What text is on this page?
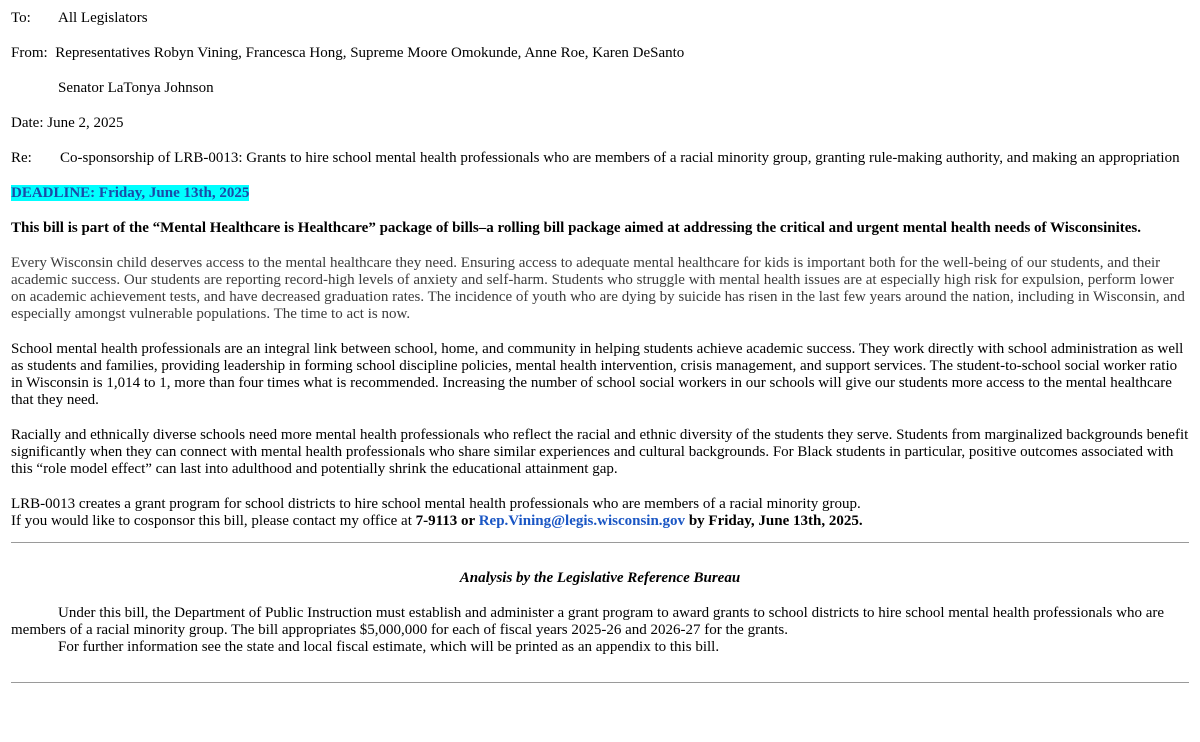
To: All Legislators

From: Representatives Robyn Vining, Francesca Hong, Supreme Moore Omokunde, Anne Roe, Karen DeSanto

Senator LaTonya Johnson

Date: June 2, 2025

Re: Co-sponsorship of LRB-0013: Grants to hire school mental health professionals who are members of a racial minority group, granting rule-making authority, and making an appropriation

DEADLINE: Friday, June 13th, 2025

This bill is part of the “Mental Healthcare is Healthcare” package of bills–a rolling bill package aimed at addressing the critical and urgent mental health needs of Wisconsinites.

Every Wisconsin child deserves access to the mental healthcare they need. Ensuring access to adequate mental healthcare for kids is important both for the well-being of our students, and their academic success. Our students are reporting record-high levels of anxiety and self-harm. Students who struggle with mental health issues are at especially high risk for expulsion, perform lower on academic achievement tests, and have decreased graduation rates. The incidence of youth who are dying by suicide has risen in the last few years around the nation, including in Wisconsin, and especially amongst vulnerable populations. The time to act is now.

School mental health professionals are an integral link between school, home, and community in helping students achieve academic success. They work directly with school administration as well as students and families, providing leadership in forming school discipline policies, mental health intervention, crisis management, and support services. The student-to-school social worker ratio in Wisconsin is 1,014 to 1, more than four times what is recommended. Increasing the number of school social workers in our schools will give our students more access to the mental healthcare that they need.

Racially and ethnically diverse schools need more mental health professionals who reflect the racial and ethnic diversity of the students they serve. Students from marginalized backgrounds benefit significantly when they can connect with mental health professionals who share similar experiences and cultural backgrounds. For Black students in particular, positive outcomes associated with this “role model effect” can last into adulthood and potentially shrink the educational attainment gap.

LRB-0013 creates a grant program for school districts to hire school mental health professionals who are members of a racial minority group.

If you would like to cosponsor this bill, please contact my office at 7-9113 or Rep.Vining@legis.wisconsin.gov by Friday, June 13th, 2025.

Analysis by the Legislative Reference Bureau

Under this bill, the Department of Public Instruction must establish and administer a grant program to award grants to school districts to hire school mental health professionals who are members of a racial minority group. The bill appropriates $5,000,000 for each of fiscal years 2025-26 and 2026-27 for the grants.

For further information see the state and local fiscal estimate, which will be printed as an appendix to this bill.
